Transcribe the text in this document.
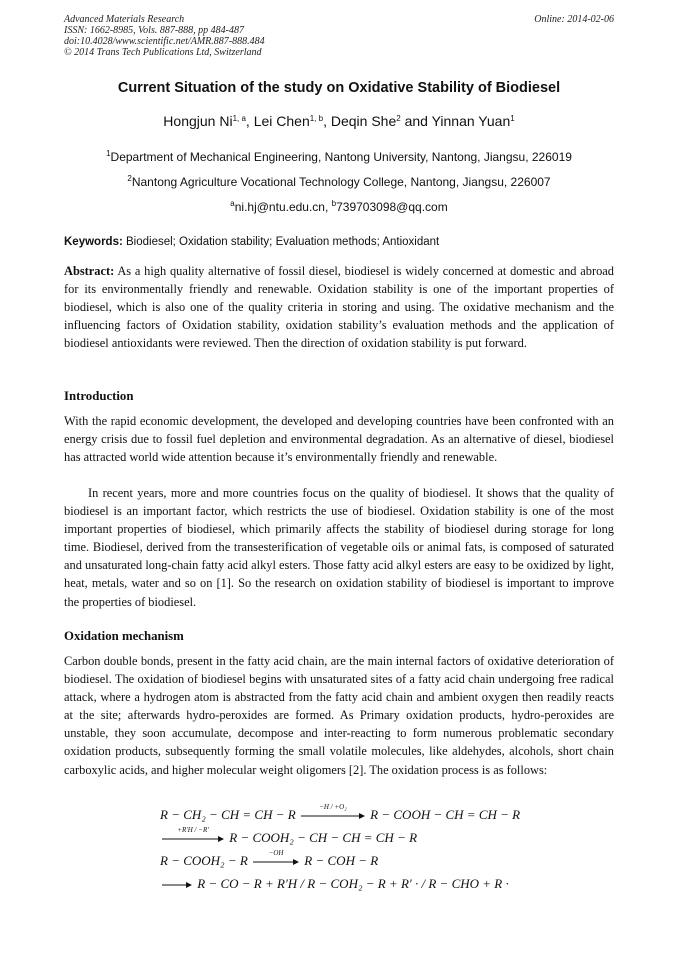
Advanced Materials Research
ISSN: 1662-8985, Vols. 887-888, pp 484-487
doi:10.4028/www.scientific.net/AMR.887-888.484
© 2014 Trans Tech Publications Ltd, Switzerland
Online: 2014-02-06
Current Situation of the study on Oxidative Stability of Biodiesel
Hongjun Ni$^{1, a}$, Lei Chen$^{1, b}$, Deqin She$^2$ and Yinnan Yuan$^1$
$^1$Department of Mechanical Engineering, Nantong University, Nantong, Jiangsu, 226019
$^2$Nantong Agriculture Vocational Technology College, Nantong, Jiangsu, 226007
$^a$ni.hj@ntu.edu.cn, $^b$739703098@qq.com
Keywords: Biodiesel; Oxidation stability; Evaluation methods; Antioxidant
Abstract: As a high quality alternative of fossil diesel, biodiesel is widely concerned at domestic and abroad for its environmentally friendly and renewable. Oxidation stability is one of the important properties of biodiesel, which is also one of the quality criteria in storing and using. The oxidative mechanism and the influencing factors of Oxidation stability, oxidation stability’s evaluation methods and the application of biodiesel antioxidants were reviewed. Then the direction of oxidation stability is put forward.
Introduction
With the rapid economic development, the developed and developing countries have been confronted with an energy crisis due to fossil fuel depletion and environmental degradation. As an alternative of diesel, biodiesel has attracted world wide attention because it’s environmentally friendly and renewable.
In recent years, more and more countries focus on the quality of biodiesel. It shows that the quality of biodiesel is an important factor, which restricts the use of biodiesel. Oxidation stability is one of the most important properties of biodiesel, which primarily affects the stability of biodiesel during storage for long time. Biodiesel, derived from the transesterification of vegetable oils or animal fats, is composed of saturated and unsaturated long-chain fatty acid alkyl esters. Those fatty acid alkyl esters are easy to be oxidized by light, heat, metals, water and so on [1]. So the research on oxidation stability of biodiesel is important to improve the properties of biodiesel.
Oxidation mechanism
Carbon double bonds, present in the fatty acid chain, are the main internal factors of oxidative deterioration of biodiesel. The oxidation of biodiesel begins with unsaturated sites of a fatty acid chain undergoing free radical attack, where a hydrogen atom is abstracted from the fatty acid chain and ambient oxygen then readily reacts at the site; afterwards hydro-peroxides are formed. As Primary oxidation products, hydro-peroxides are unstable, they soon accumulate, decompose and inter-reacting to form numerous problematic secondary oxidation products, subsequently forming the small volatile molecules, like aldehydes, alcohols, short chain carboxylic acids, and higher molecular weight oligomers [2]. The oxidation process is as follows:
R − CH₂ − CH = CH − R	−H / +O₂	R − COOH − CH = CH − R
+R′H / −R′	R − COOH₂ − CH − CH = CH − R
R − COOH₂ − R	−OH	R − COH − R
→ R − CO − R + R′H / R − COH₂ − R + R′ · / R − CHO + R ·
